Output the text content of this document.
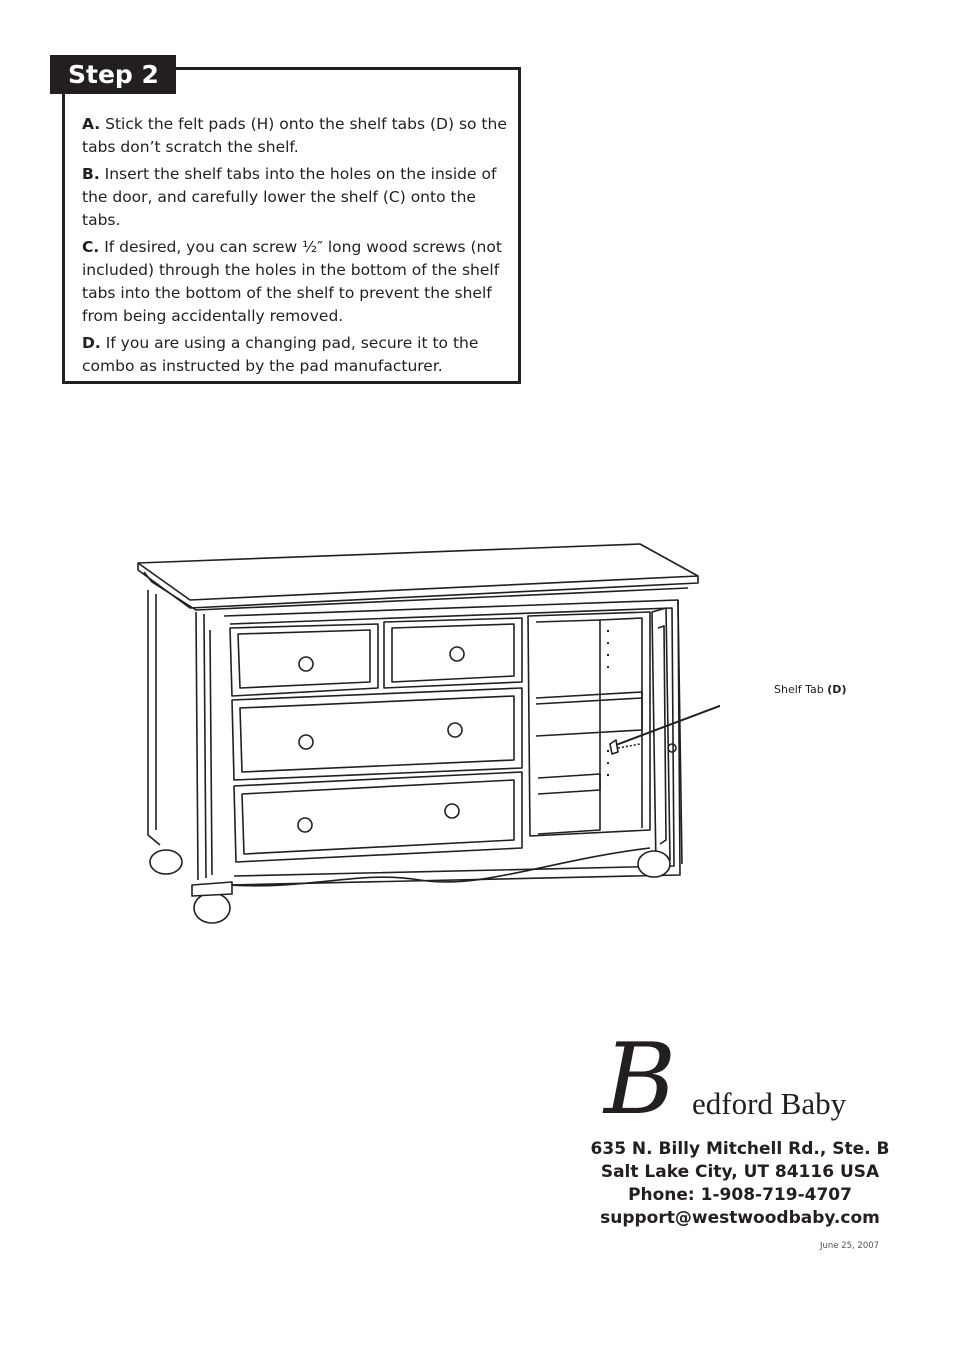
Step 2

A. Stick the felt pads (H) onto the shelf tabs (D) so the tabs don’t scratch the shelf.

B. Insert the shelf tabs into the holes on the inside of the door, and carefully lower the shelf (C) onto the tabs.

C. If desired, you can screw ½″ long wood screws (not included) through the holes in the bottom of the shelf tabs into the bottom of the shelf to prevent the shelf from being accidentally removed.

D. If you are using a changing pad, secure it to the combo as instructed by the pad manufacturer.

Shelf Tab (D)
B edford Baby
635 N. Billy Mitchell Rd., Ste. B
Salt Lake City, UT 84116 USA
Phone: 1-908-719-4707
support@westwoodbaby.com
June 25, 2007
